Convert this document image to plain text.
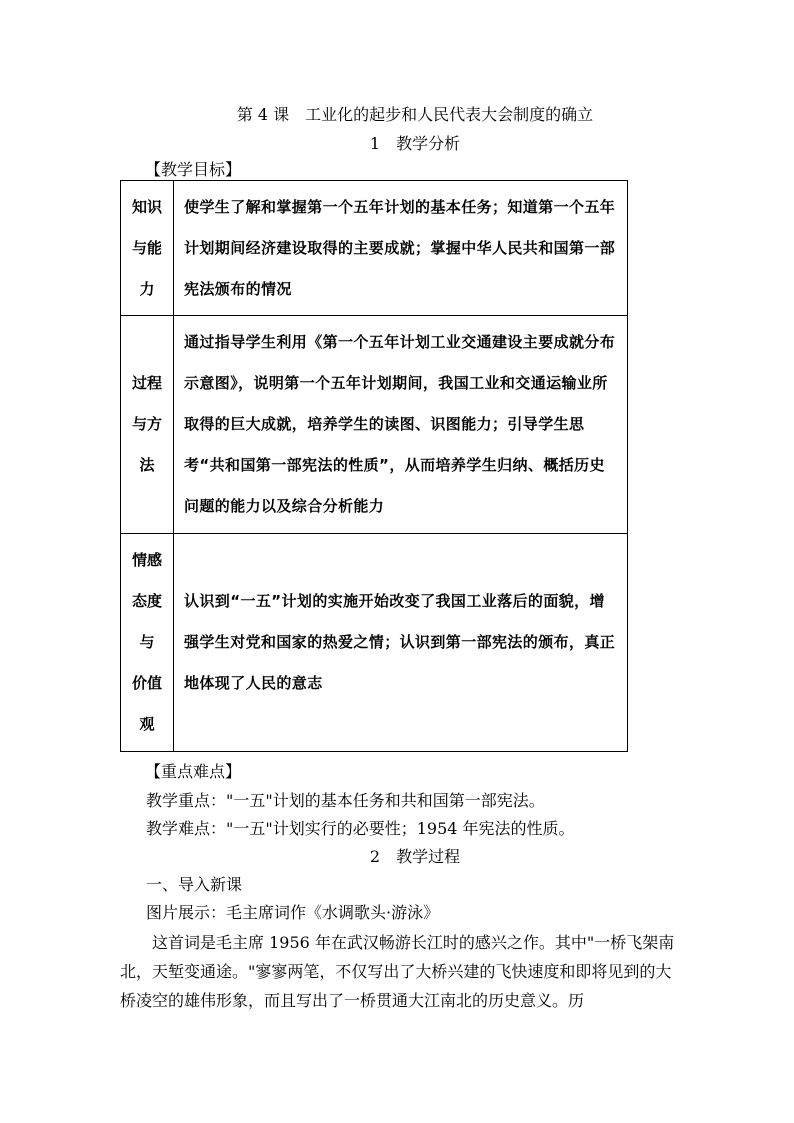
第 4 课　工业化的起步和人民代表大会制度的确立
1　教学分析
【教学目标】
知识
与能
力	使学生了解和掌握第一个五年计划的基本任务；知道第一个五年计划期间经济建设取得的主要成就；掌握中华人民共和国第一部宪法颁布的情况

过程
与方
法	通过指导学生利用《第一个五年计划工业交通建设主要成就分布示意图》，说明第一个五年计划期间，我国工业和交通运输业所取得的巨大成就，培养学生的读图、识图能力；引导学生思考“共和国第一部宪法的性质”，从而培养学生归纳、概括历史问题的能力以及综合分析能力

情感
态度
与
价值
观	认识到“一五”计划的实施开始改变了我国工业落后的面貌，增强学生对党和国家的热爱之情；认识到第一部宪法的颁布，真正地体现了人民的意志
【重点难点】
教学重点："一五"计划的基本任务和共和国第一部宪法。
教学难点："一五"计划实行的必要性；1954 年宪法的性质。
2　教学过程
一、导入新课
图片展示：毛主席词作《水调歌头·游泳》
这首词是毛主席 1956 年在武汉畅游长江时的感兴之作。其中"一桥飞架南北，天堑变通途。"寥寥两笔，不仅写出了大桥兴建的飞快速度和即将见到的大桥凌空的雄伟形象，而且写出了一桥贯通大江南北的历史意义。历
